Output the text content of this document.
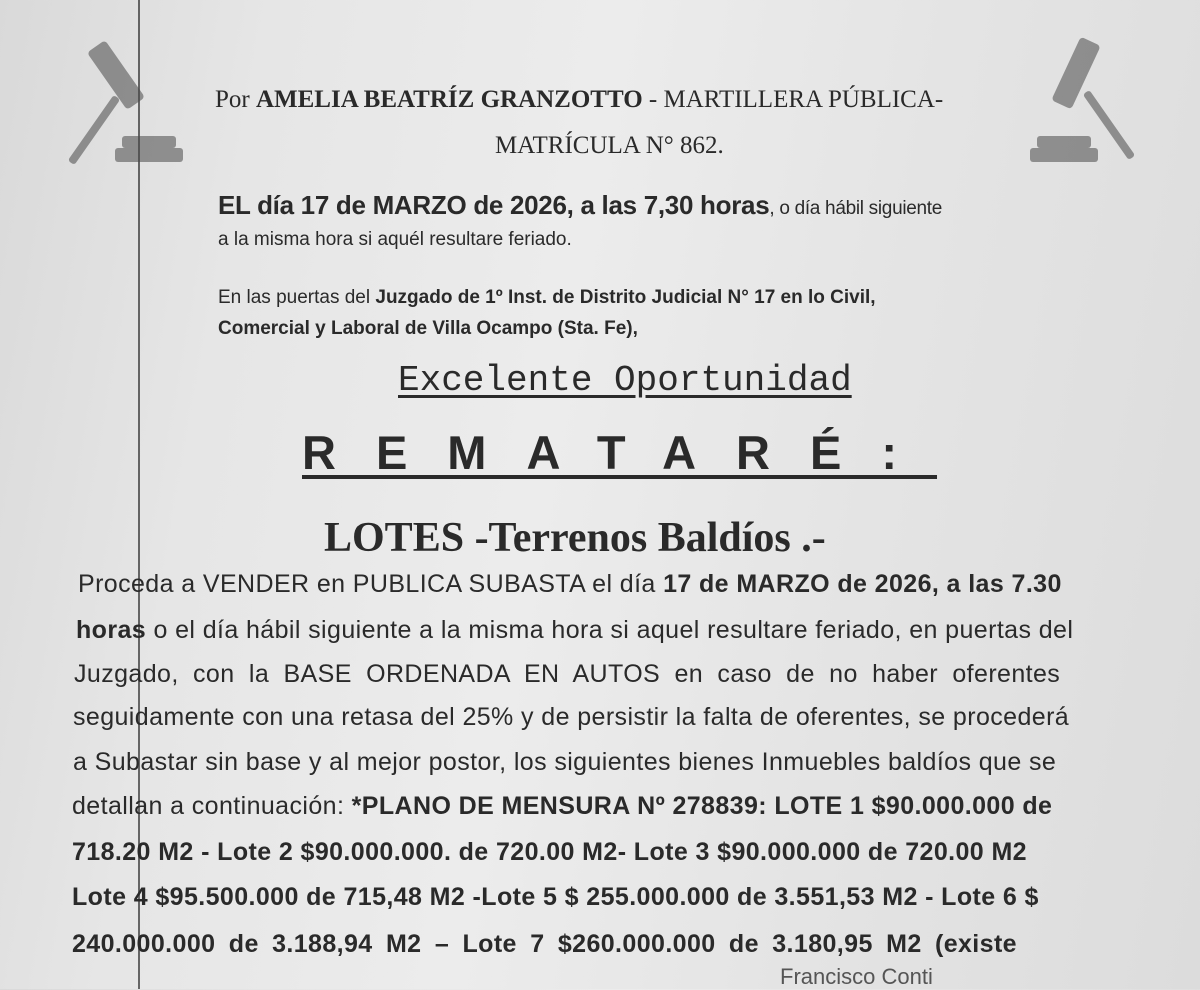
Por AMELIA BEATRÍZ GRANZOTTO - MARTILLERA PÚBLICA-
MATRÍCULA N° 862.
EL día 17 de MARZO de 2026, a las 7,30 horas, o día hábil siguiente
a la misma hora si aquél resultare feriado.
En las puertas del Juzgado de 1º Inst. de Distrito Judicial N° 17 en lo Civil,
Comercial y Laboral de Villa Ocampo (Sta. Fe),
Excelente Oportunidad
REMATARÉ:
LOTES -Terrenos Baldíos .-
Proceda a VENDER en PUBLICA SUBASTA el día 17 de MARZO de 2026, a las 7.30
horas o el día hábil siguiente a la misma hora si aquel resultare feriado, en puertas del
Juzgado, con la BASE ORDENADA EN AUTOS en caso de no haber oferentes
seguidamente con una retasa del 25% y de persistir la falta de oferentes, se procederá
a Subastar sin base y al mejor postor, los siguientes bienes Inmuebles baldíos que se
detallan a continuación: *PLANO DE MENSURA Nº 278839: LOTE 1 $90.000.000 de
718.20 M2 - Lote 2 $90.000.000. de 720.00 M2- Lote 3 $90.000.000 de 720.00 M2
Lote 4 $95.500.000 de 715,48 M2 -Lote 5 $ 255.000.000 de 3.551,53 M2 - Lote 6 $
240.000.000 de 3.188,94 M2 – Lote 7 $260.000.000 de 3.180,95 M2 (existe
Francisco Conti
